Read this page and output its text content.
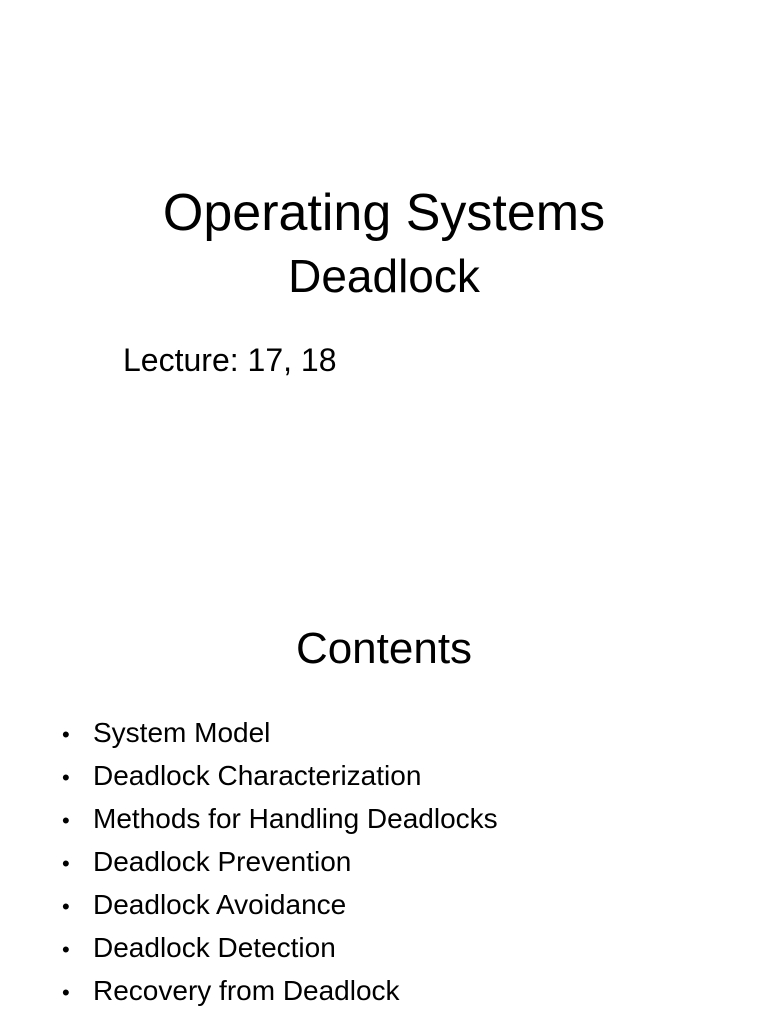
Operating Systems
Deadlock
Lecture: 17, 18
Contents
• System Model
• Deadlock Characterization
• Methods for Handling Deadlocks
• Deadlock Prevention
• Deadlock Avoidance
• Deadlock Detection
• Recovery from Deadlock
